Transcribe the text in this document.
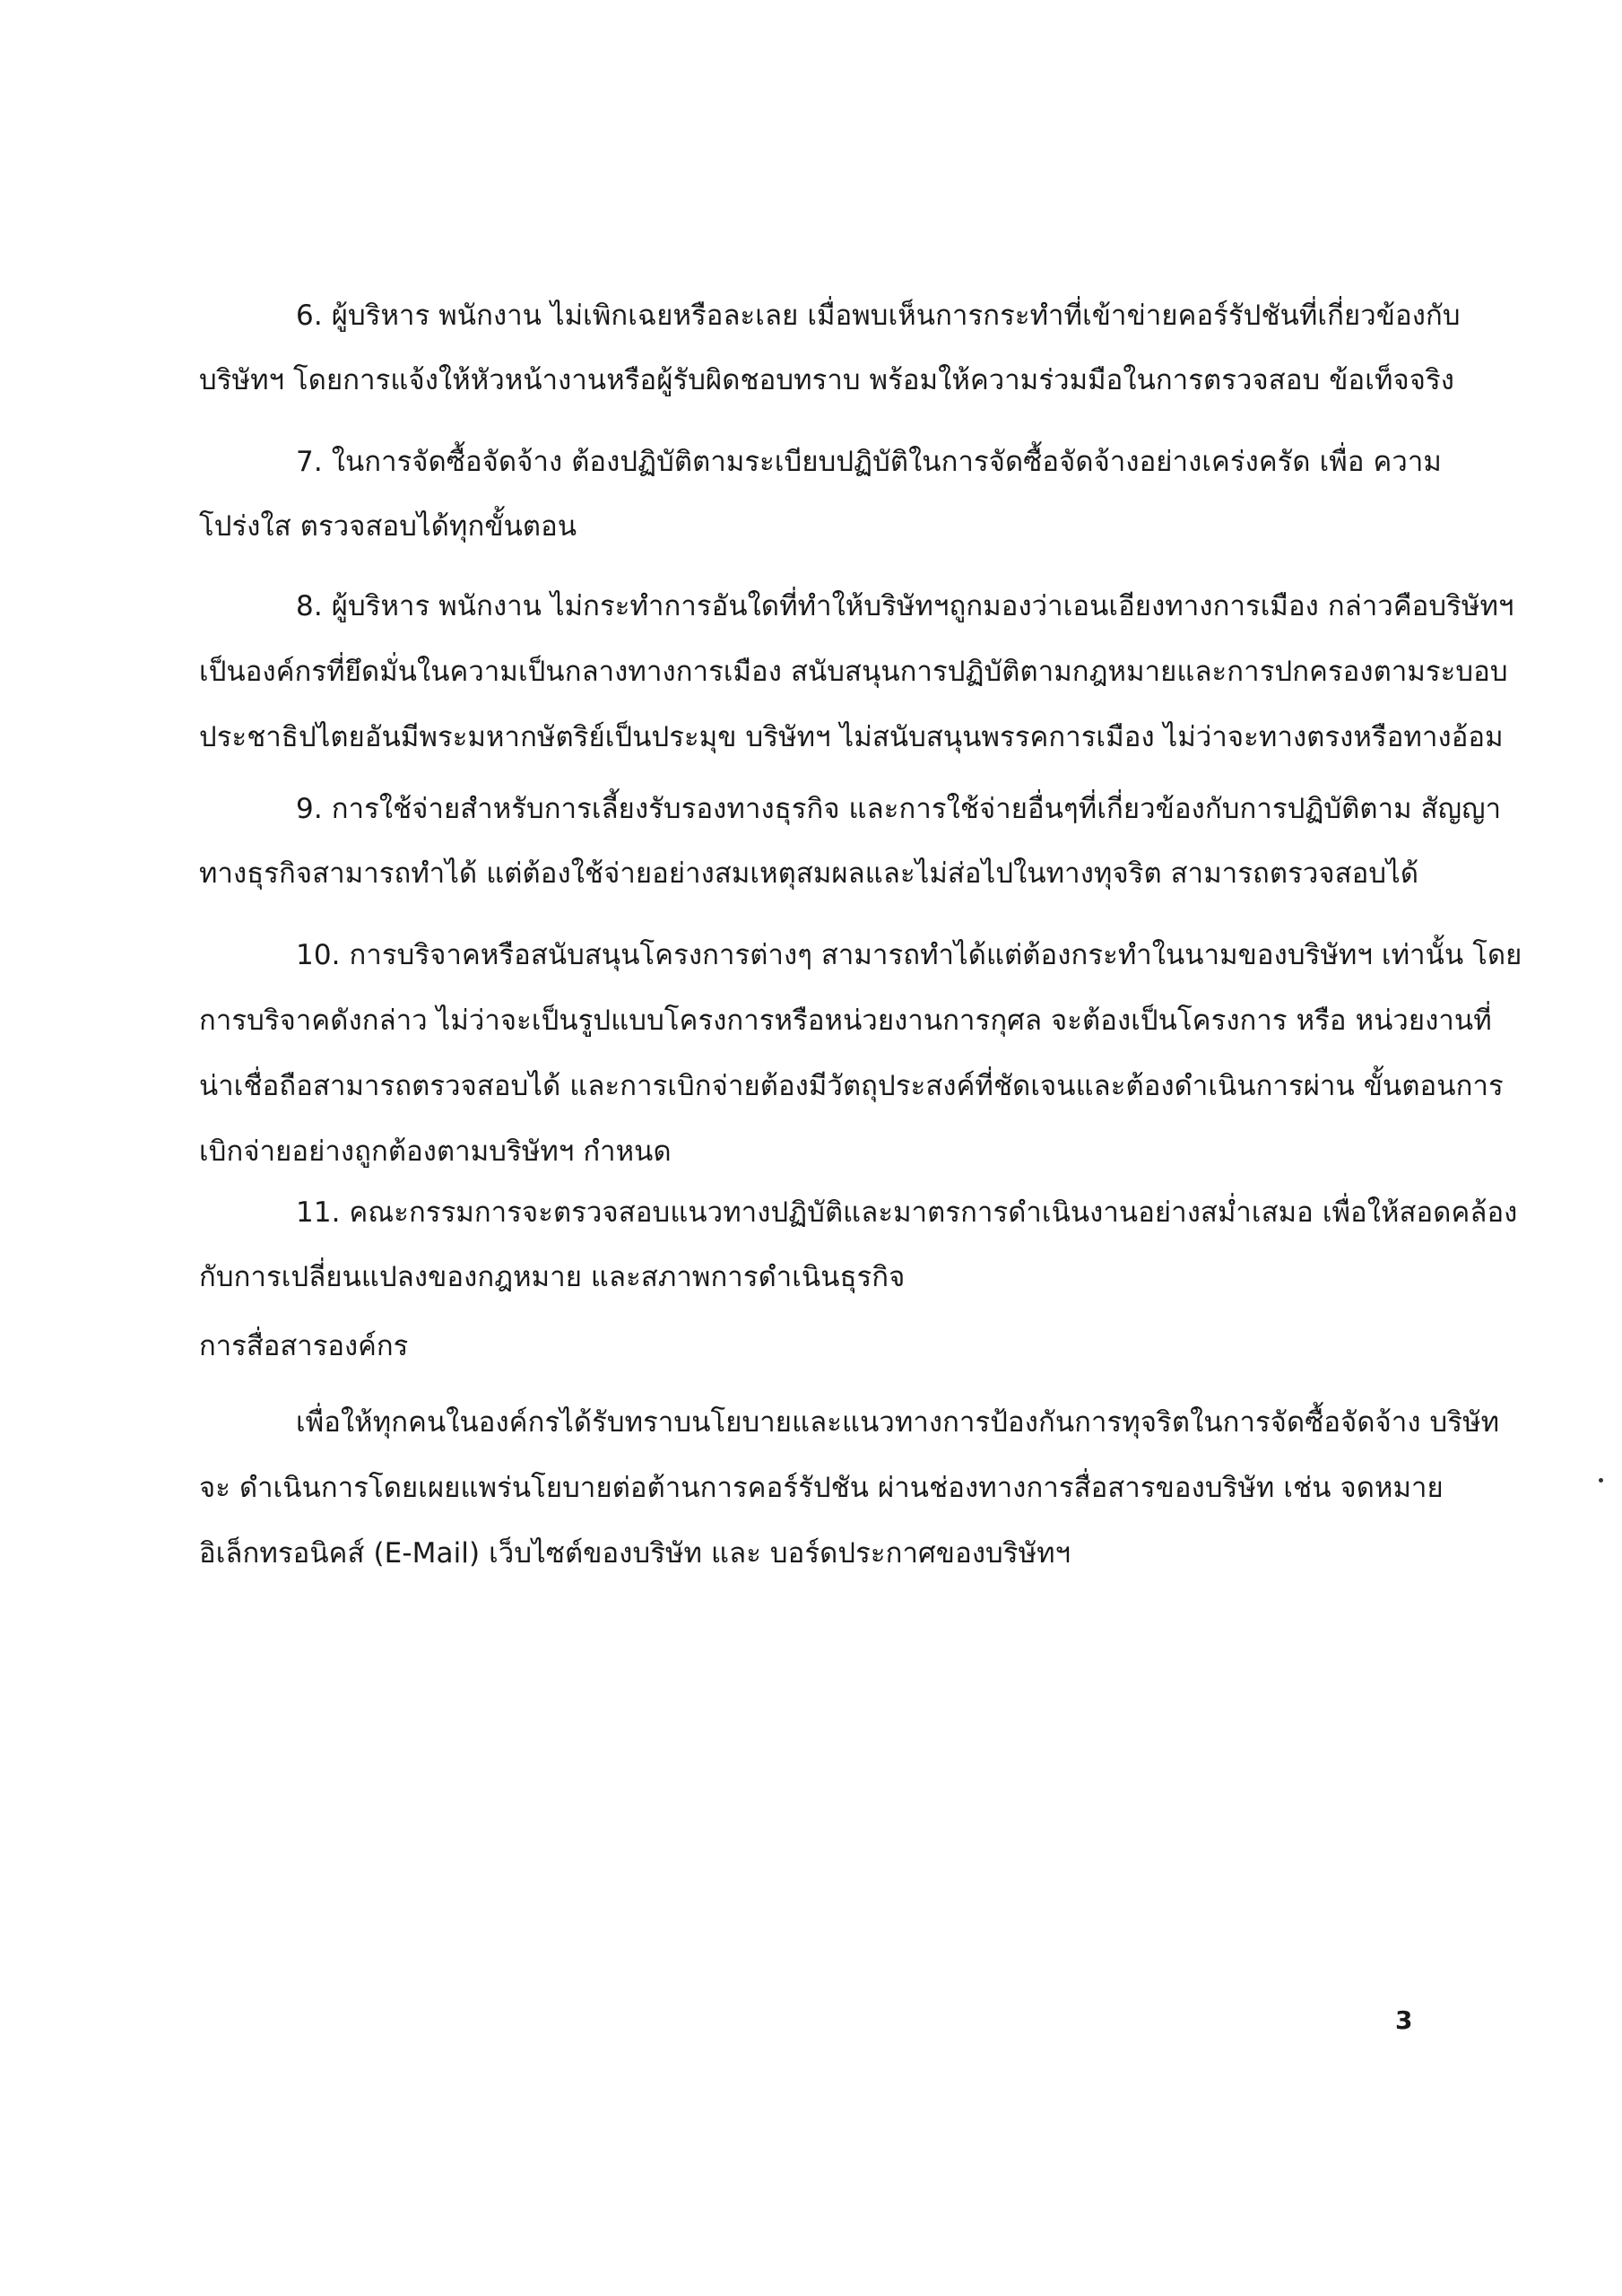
6. ผู้บริหาร พนักงาน ไม่เพิกเฉยหรือละเลย เมื่อพบเห็นการกระทำที่เข้าข่ายคอร์รัปชันที่เกี่ยวข้องกับ
บริษัทฯ โดยการแจ้งให้หัวหน้างานหรือผู้รับผิดชอบทราบ พร้อมให้ความร่วมมือในการตรวจสอบ ข้อเท็จจริง
7. ในการจัดซื้อจัดจ้าง ต้องปฏิบัติตามระเบียบปฏิบัติในการจัดซื้อจัดจ้างอย่างเคร่งครัด เพื่อ ความ
โปร่งใส ตรวจสอบได้ทุกขั้นตอน
8. ผู้บริหาร พนักงาน ไม่กระทำการอันใดที่ทำให้บริษัทฯถูกมองว่าเอนเอียงทางการเมือง กล่าวคือบริษัทฯ
เป็นองค์กรที่ยึดมั่นในความเป็นกลางทางการเมือง สนับสนุนการปฏิบัติตามกฎหมายและการปกครองตามระบอบ
ประชาธิปไตยอันมีพระมหากษัตริย์เป็นประมุข บริษัทฯ ไม่สนับสนุนพรรคการเมือง ไม่ว่าจะทางตรงหรือทางอ้อม
9. การใช้จ่ายสำหรับการเลี้ยงรับรองทางธุรกิจ และการใช้จ่ายอื่นๆที่เกี่ยวข้องกับการปฏิบัติตาม สัญญา
ทางธุรกิจสามารถทำได้ แต่ต้องใช้จ่ายอย่างสมเหตุสมผลและไม่ส่อไปในทางทุจริต สามารถตรวจสอบได้
10. การบริจาคหรือสนับสนุนโครงการต่างๆ สามารถทำได้แต่ต้องกระทำในนามของบริษัทฯ เท่านั้น โดย
การบริจาคดังกล่าว ไม่ว่าจะเป็นรูปแบบโครงการหรือหน่วยงานการกุศล จะต้องเป็นโครงการ หรือ หน่วยงานที่
น่าเชื่อถือสามารถตรวจสอบได้ และการเบิกจ่ายต้องมีวัตถุประสงค์ที่ชัดเจนและต้องดำเนินการผ่าน ขั้นตอนการ
เบิกจ่ายอย่างถูกต้องตามบริษัทฯ กำหนด
11. คณะกรรมการจะตรวจสอบแนวทางปฏิบัติและมาตรการดำเนินงานอย่างสม่ำเสมอ เพื่อให้สอดคล้อง
กับการเปลี่ยนแปลงของกฎหมาย และสภาพการดำเนินธุรกิจ
การสื่อสารองค์กร
เพื่อให้ทุกคนในองค์กรได้รับทราบนโยบายและแนวทางการป้องกันการทุจริตในการจัดซื้อจัดจ้าง บริษัท
จะ ดำเนินการโดยเผยแพร่นโยบายต่อต้านการคอร์รัปชัน ผ่านช่องทางการสื่อสารของบริษัท เช่น จดหมาย
อิเล็กทรอนิคส์ (E-Mail) เว็บไซต์ของบริษัท และ บอร์ดประกาศของบริษัทฯ
3
